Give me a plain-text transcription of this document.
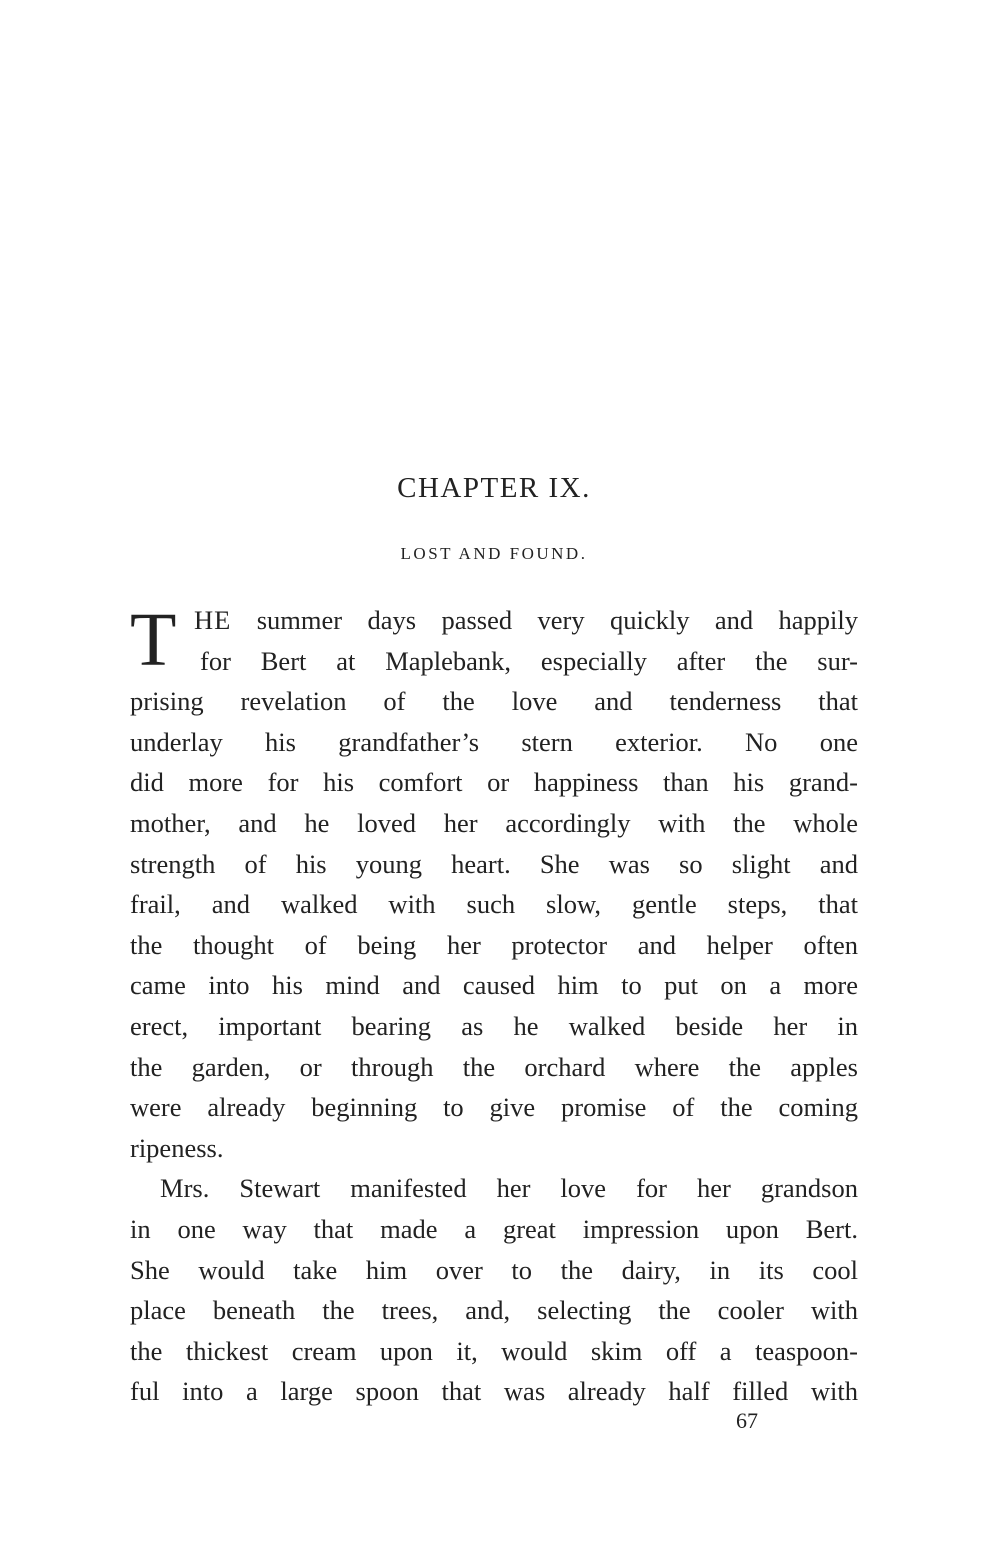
CHAPTER IX.
LOST AND FOUND.
T HE summer days passed very quickly and happily
for Bert at Maplebank, especially after the sur-
prising revelation of the love and tenderness that
underlay his grandfather’s stern exterior. No one
did more for his comfort or happiness than his grand-
mother, and he loved her accordingly with the whole
strength of his young heart. She was so slight and
frail, and walked with such slow, gentle steps, that
the thought of being her protector and helper often
came into his mind and caused him to put on a more
erect, important bearing as he walked beside her in
the garden, or through the orchard where the apples
were already beginning to give promise of the coming
ripeness.
Mrs. Stewart manifested her love for her grandson
in one way that made a great impression upon Bert.
She would take him over to the dairy, in its cool
place beneath the trees, and, selecting the cooler with
the thickest cream upon it, would skim off a teaspoon-
ful into a large spoon that was already half filled with
67
